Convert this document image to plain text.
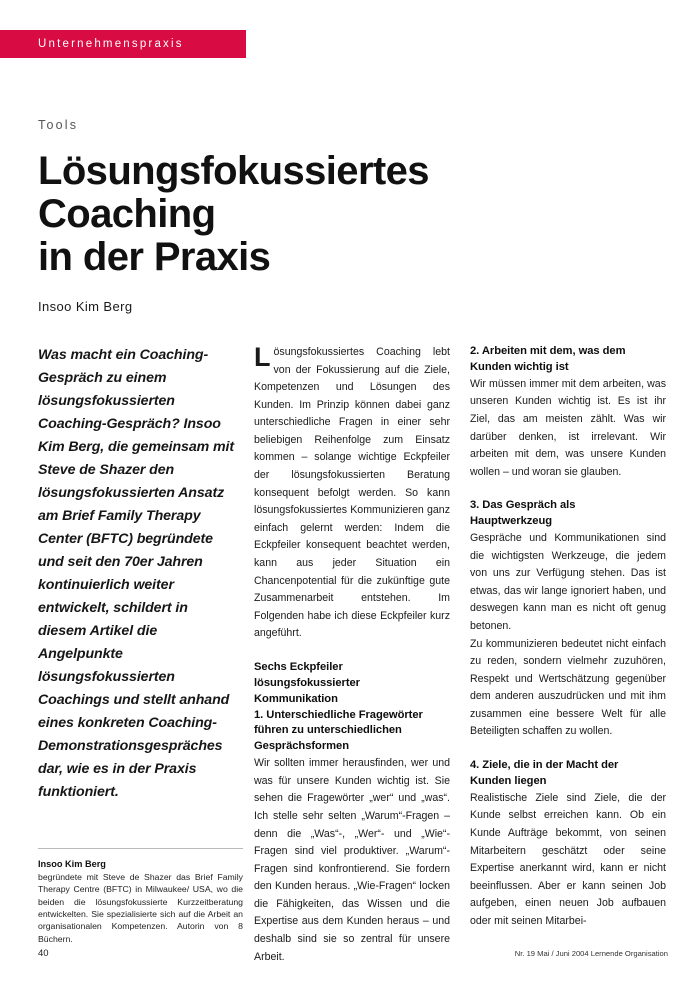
Unternehmenspraxis
Tools
Lösungsfokussiertes
Coaching
in der Praxis
Insoo Kim Berg

Was macht ein Coaching-Gespräch zu einem lösungsfokussierten Coaching-Gespräch? Insoo Kim Berg, die gemeinsam mit Steve de Shazer den lösungsfokussierten Ansatz am Brief Family Therapy Center (BFTC) begründete und seit den 70er Jahren kontinuierlich weiter entwickelt, schildert in diesem Artikel die Angelpunkte lösungsfokussierten Coachings und stellt anhand eines konkreten Coaching-Demonstrationsgespräches dar, wie es in der Praxis funktioniert.

Lösungsfokussiertes Coaching lebt von der Fokussierung auf die Ziele, Kompetenzen und Lösungen des Kunden. Im Prinzip können dabei ganz unterschiedliche Fragen in einer sehr beliebigen Reihenfolge zum Einsatz kommen – solange wichtige Eckpfeiler der lösungsfokussierten Beratung konsequent befolgt werden. So kann lösungsfokussiertes Kommunizieren ganz einfach gelernt werden: Indem die Eckpfeiler konsequent beachtet werden, kann aus jeder Situation ein Chancenpotential für die zukünftige gute Zusammenarbeit entstehen. Im Folgenden habe ich diese Eckpfeiler kurz angeführt.

Sechs Eckpfeiler
lösungsfokussierter
Kommunikation
1. Unterschiedliche Fragewörter
führen zu unterschiedlichen
Gesprächsformen

Wir sollten immer herausfinden, wer und was für unsere Kunden wichtig ist. Sie sehen die Fragewörter „wer“ und „was“. Ich stelle sehr selten „Warum“-Fragen – denn die „Was“-, „Wer“- und „Wie“-Fragen sind viel produktiver. „Warum“-Fragen sind konfrontierend. Sie fordern den Kunden heraus. „Wie-Fragen“ locken die Fähigkeiten, das Wissen und die Expertise aus dem Kunden heraus – und deshalb sind sie so zentral für unsere Arbeit.

2. Arbeiten mit dem, was dem
Kunden wichtig ist

Wir müssen immer mit dem arbeiten, was unseren Kunden wichtig ist. Es ist ihr Ziel, das am meisten zählt. Was wir darüber denken, ist irrelevant. Wir arbeiten mit dem, was unsere Kunden wollen – und woran sie glauben.

3. Das Gespräch als
Hauptwerkzeug

Gespräche und Kommunikationen sind die wichtigsten Werkzeuge, die jedem von uns zur Verfügung stehen. Das ist etwas, das wir lange ignoriert haben, und deswegen kann man es nicht oft genug betonen.

Zu kommunizieren bedeutet nicht einfach zu reden, sondern vielmehr zuzuhören, Respekt und Wertschätzung gegenüber dem anderen auszudrücken und mit ihm zusammen eine bessere Welt für alle Beteiligten schaffen zu wollen.

4. Ziele, die in der Macht der
Kunden liegen

Realistische Ziele sind Ziele, die der Kunde selbst erreichen kann. Ob ein Kunde Aufträge bekommt, von seinen Mitarbeitern geschätzt oder seine Expertise anerkannt wird, kann er nicht beeinflussen. Aber er kann seinen Job aufgeben, einen neuen Job aufbauen oder mit seinen Mitarbei-

Insoo Kim Berg

begründete mit Steve de Shazer das Brief Family Therapy Centre (BFTC) in Milwaukee/ USA, wo die beiden die lösungsfokussierte Kurzzeitberatung entwickelten. Sie spezialisierte sich auf die Arbeit an organisationalen Kompetenzen. Autorin von 8 Büchern.

40	Nr. 19 Mai / Juni 2004 Lernende Organisation
